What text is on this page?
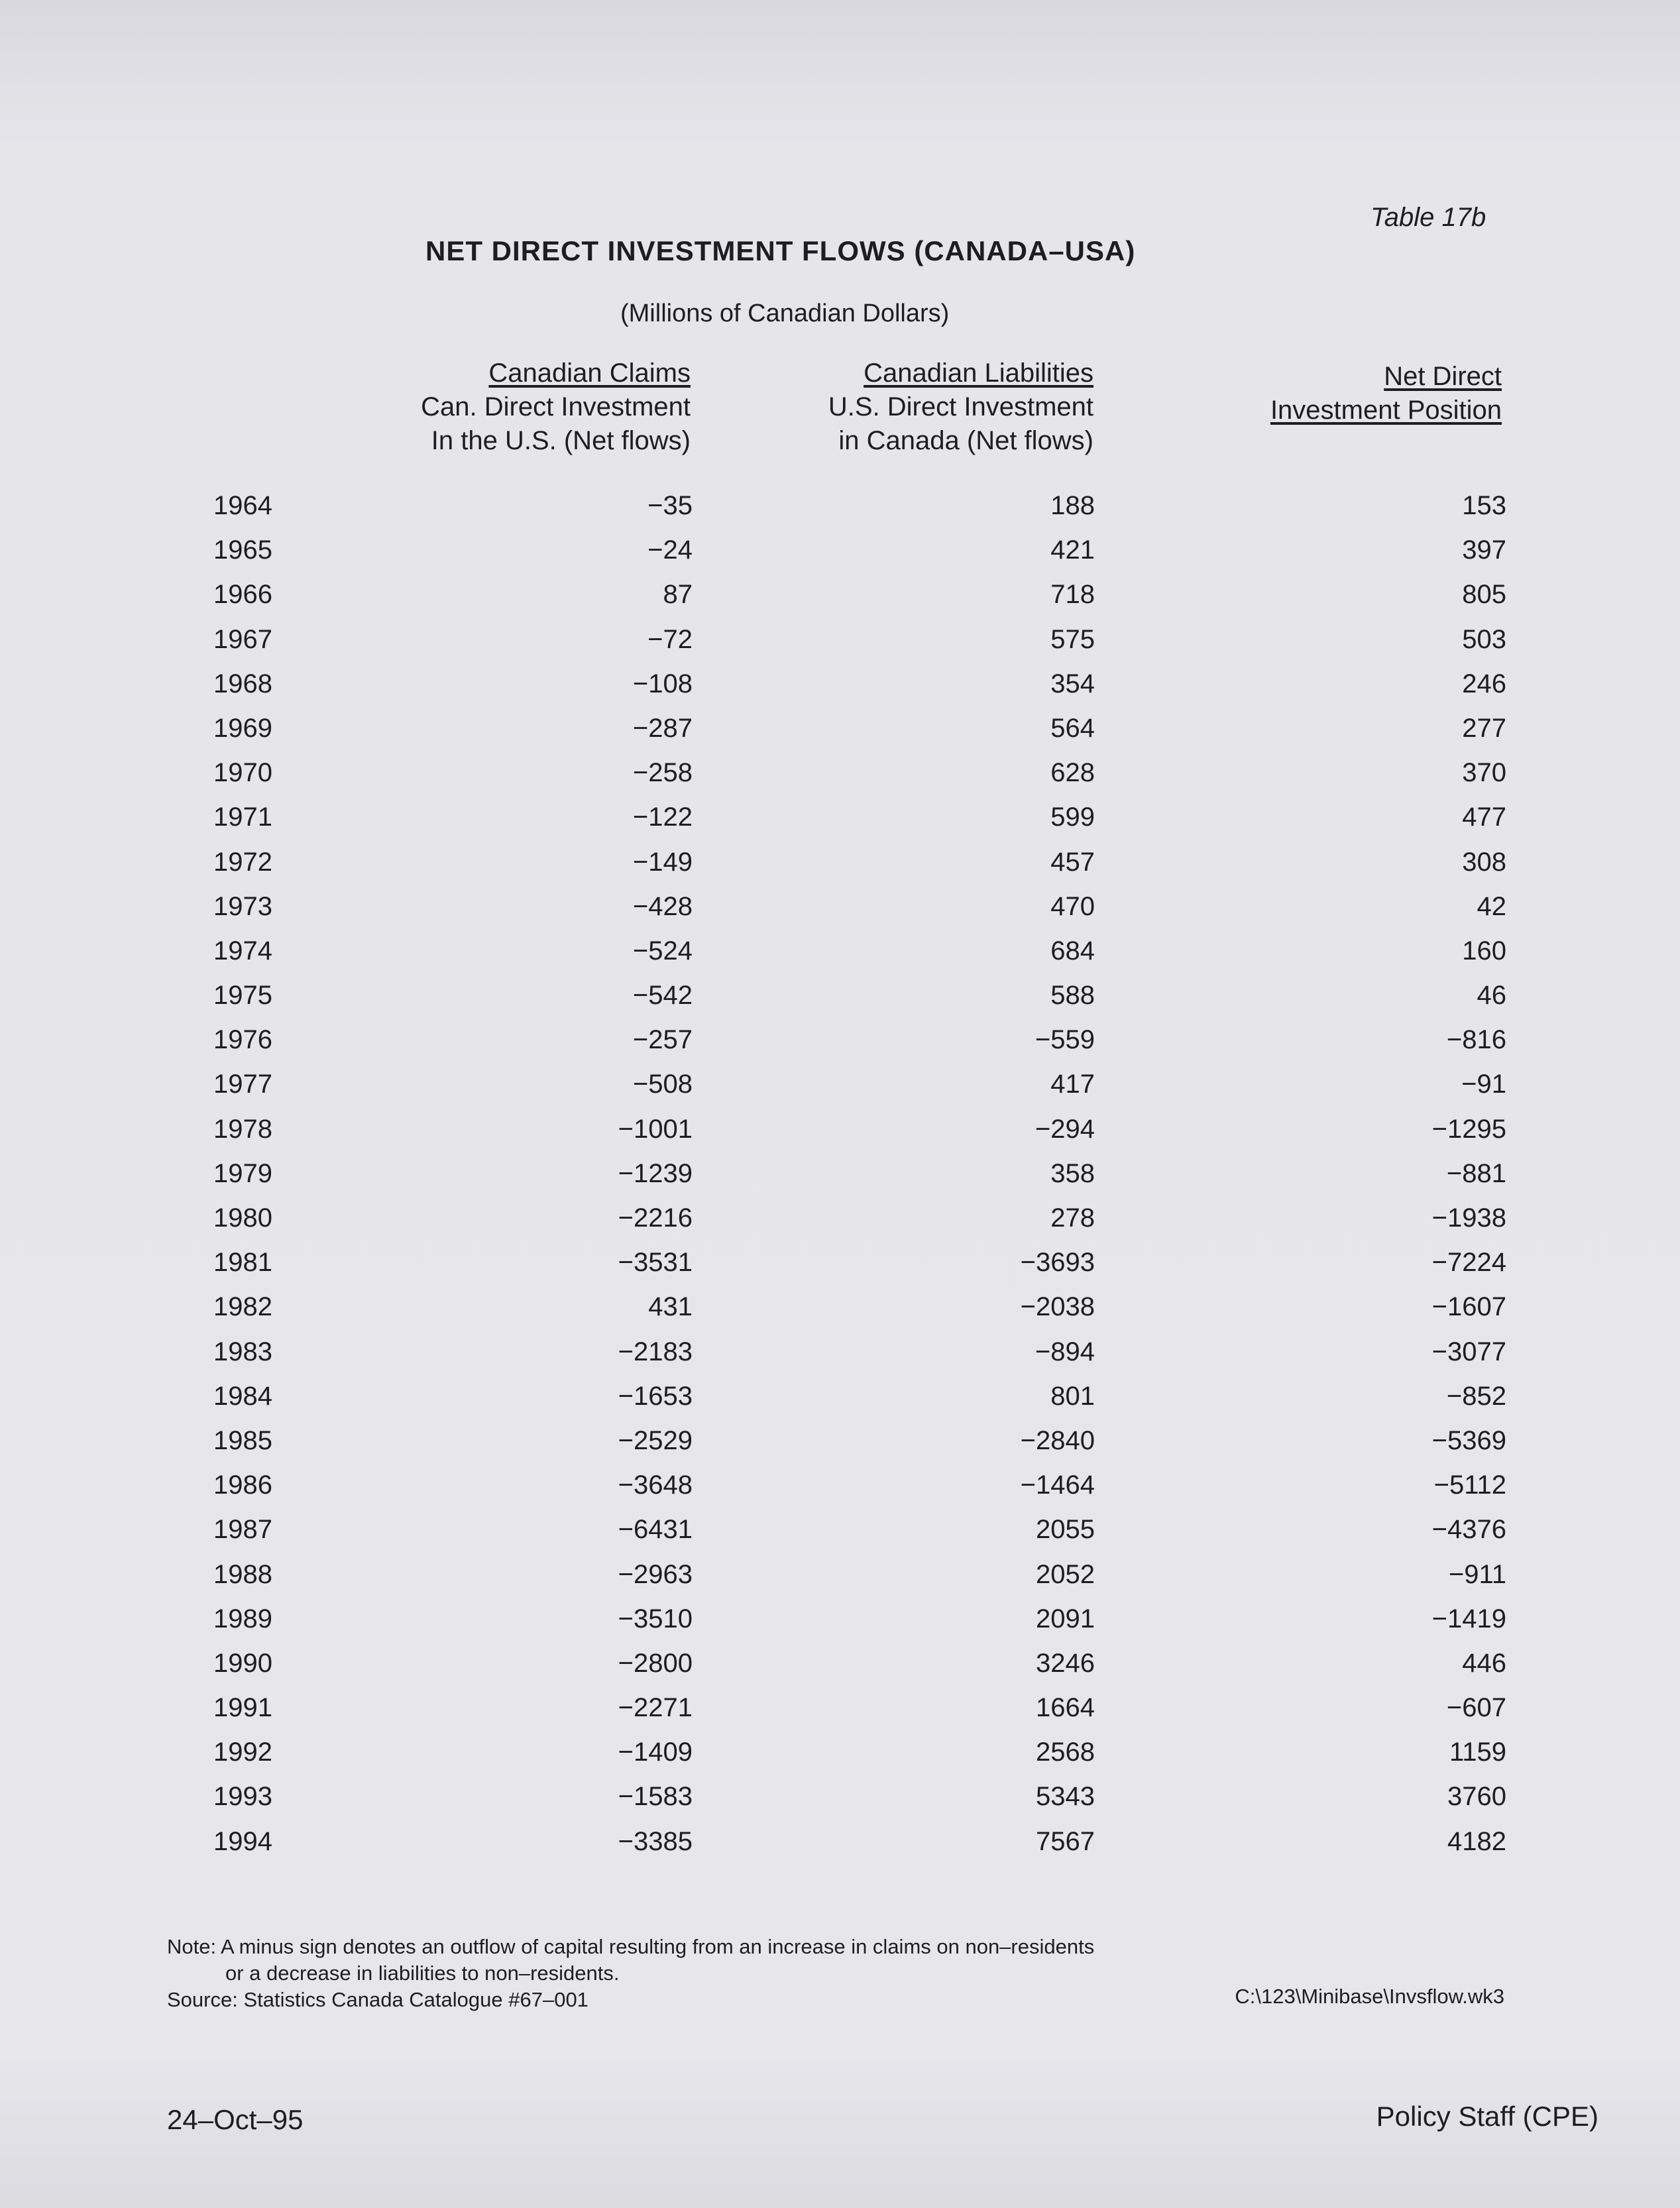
Table 17b
NET DIRECT INVESTMENT FLOWS (CANADA–USA)
(Millions of Canadian Dollars)
Canadian Claims
Can. Direct Investment
In the U.S. (Net flows)
Canadian Liabilities
U.S. Direct Investment
in Canada (Net flows)
Net Direct
Investment Position
1964	−35	188	153
1965	−24	421	397
1966	87	718	805
1967	−72	575	503
1968	−108	354	246
1969	−287	564	277
1970	−258	628	370
1971	−122	599	477
1972	−149	457	308
1973	−428	470	42
1974	−524	684	160
1975	−542	588	46
1976	−257	−559	−816
1977	−508	417	−91
1978	−1001	−294	−1295
1979	−1239	358	−881
1980	−2216	278	−1938
1981	−3531	−3693	−7224
1982	431	−2038	−1607
1983	−2183	−894	−3077
1984	−1653	801	−852
1985	−2529	−2840	−5369
1986	−3648	−1464	−5112
1987	−6431	2055	−4376
1988	−2963	2052	−911
1989	−3510	2091	−1419
1990	−2800	3246	446
1991	−2271	1664	−607
1992	−1409	2568	1159
1993	−1583	5343	3760
1994	−3385	7567	4182
Note: A minus sign denotes an outflow of capital resulting from an increase in claims on non–residents
or a decrease in liabilities to non–residents.
Source: Statistics Canada Catalogue #67–001	C:\123\Minibase\Invsflow.wk3
24–Oct–95	Policy Staff (CPE)
